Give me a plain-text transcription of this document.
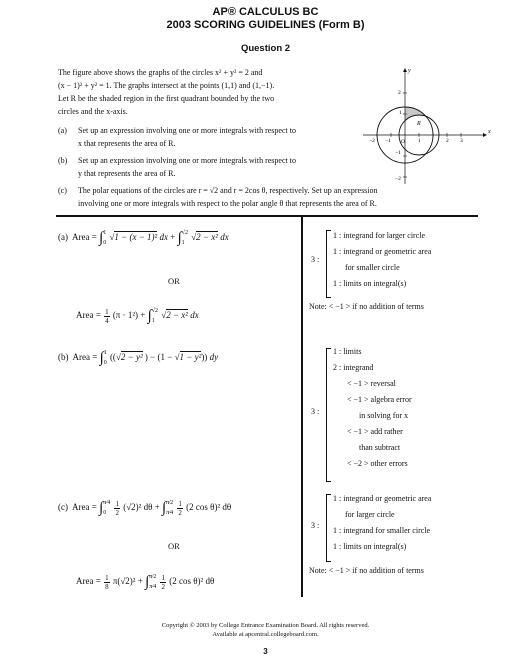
AP® CALCULUS BC
2003 SCORING GUIDELINES (Form B)
Question 2
The figure above shows the graphs of the circles x² + y² = 2 and
(x − 1)² + y² = 1. The graphs intersect at the points (1,1) and (1,−1).
Let R be the shaded region in the first quadrant bounded by the two
circles and the x-axis.
(a) Set up an expression involving one or more integrals with respect to
x that represents the area of R.
(b) Set up an expression involving one or more integrals with respect to
y that represents the area of R.
(c) The polar equations of the circles are r = √2 and r = 2cos θ, respectively. Set up an expression
involving one or more integrals with respect to the polar angle θ that represents the area of R.
x
y
R
−2 −1 O 1	2 3
2
1
−1
−2
(a) Area = ∫ 1
0
√1 − (x − 1)² dx + ∫ √2
1
√2 − x² dx
OR
Area = $\frac{1}{4} (\pi \cdot 1^2)$ + ∫ √2
1
√2 − x² dx
3 :
1 : integrand for larger circle
1 : integrand or geometric area
for smaller circle
1 : limits on integral(s)
Note: < −1 > if no addition of terms
(b) Area = ∫ 1
0
((√2 − y² ) − (1 − √1 − y²)) dy
3 :
1 : limits
2 : integrand
< −1 > reversal
< −1 > algebra error
in solving for x
< −1 > add rather
than subtract
< −2 > other errors
(c) Area = ∫ π⁄4
0
	$\frac{1}{2} (√2)^2$ dθ + ∫ π⁄2
π⁄4
$\frac{1}{2} (2$ cos θ)² dθ
OR
Area = $\frac{1}{8} \pi(√2)^2$ + ∫ π⁄2
π⁄4
$\frac{1}{2} (2$ cos θ)² dθ
3 :
1 : integrand or geometric area
for larger circle
1 : integrand for smaller circle
1 : limits on integral(s)
Note: < −1 > if no addition of terms
Copyright © 2003 by College Entrance Examination Board. All rights reserved.
Available at apcentral.collegeboard.com.
3
